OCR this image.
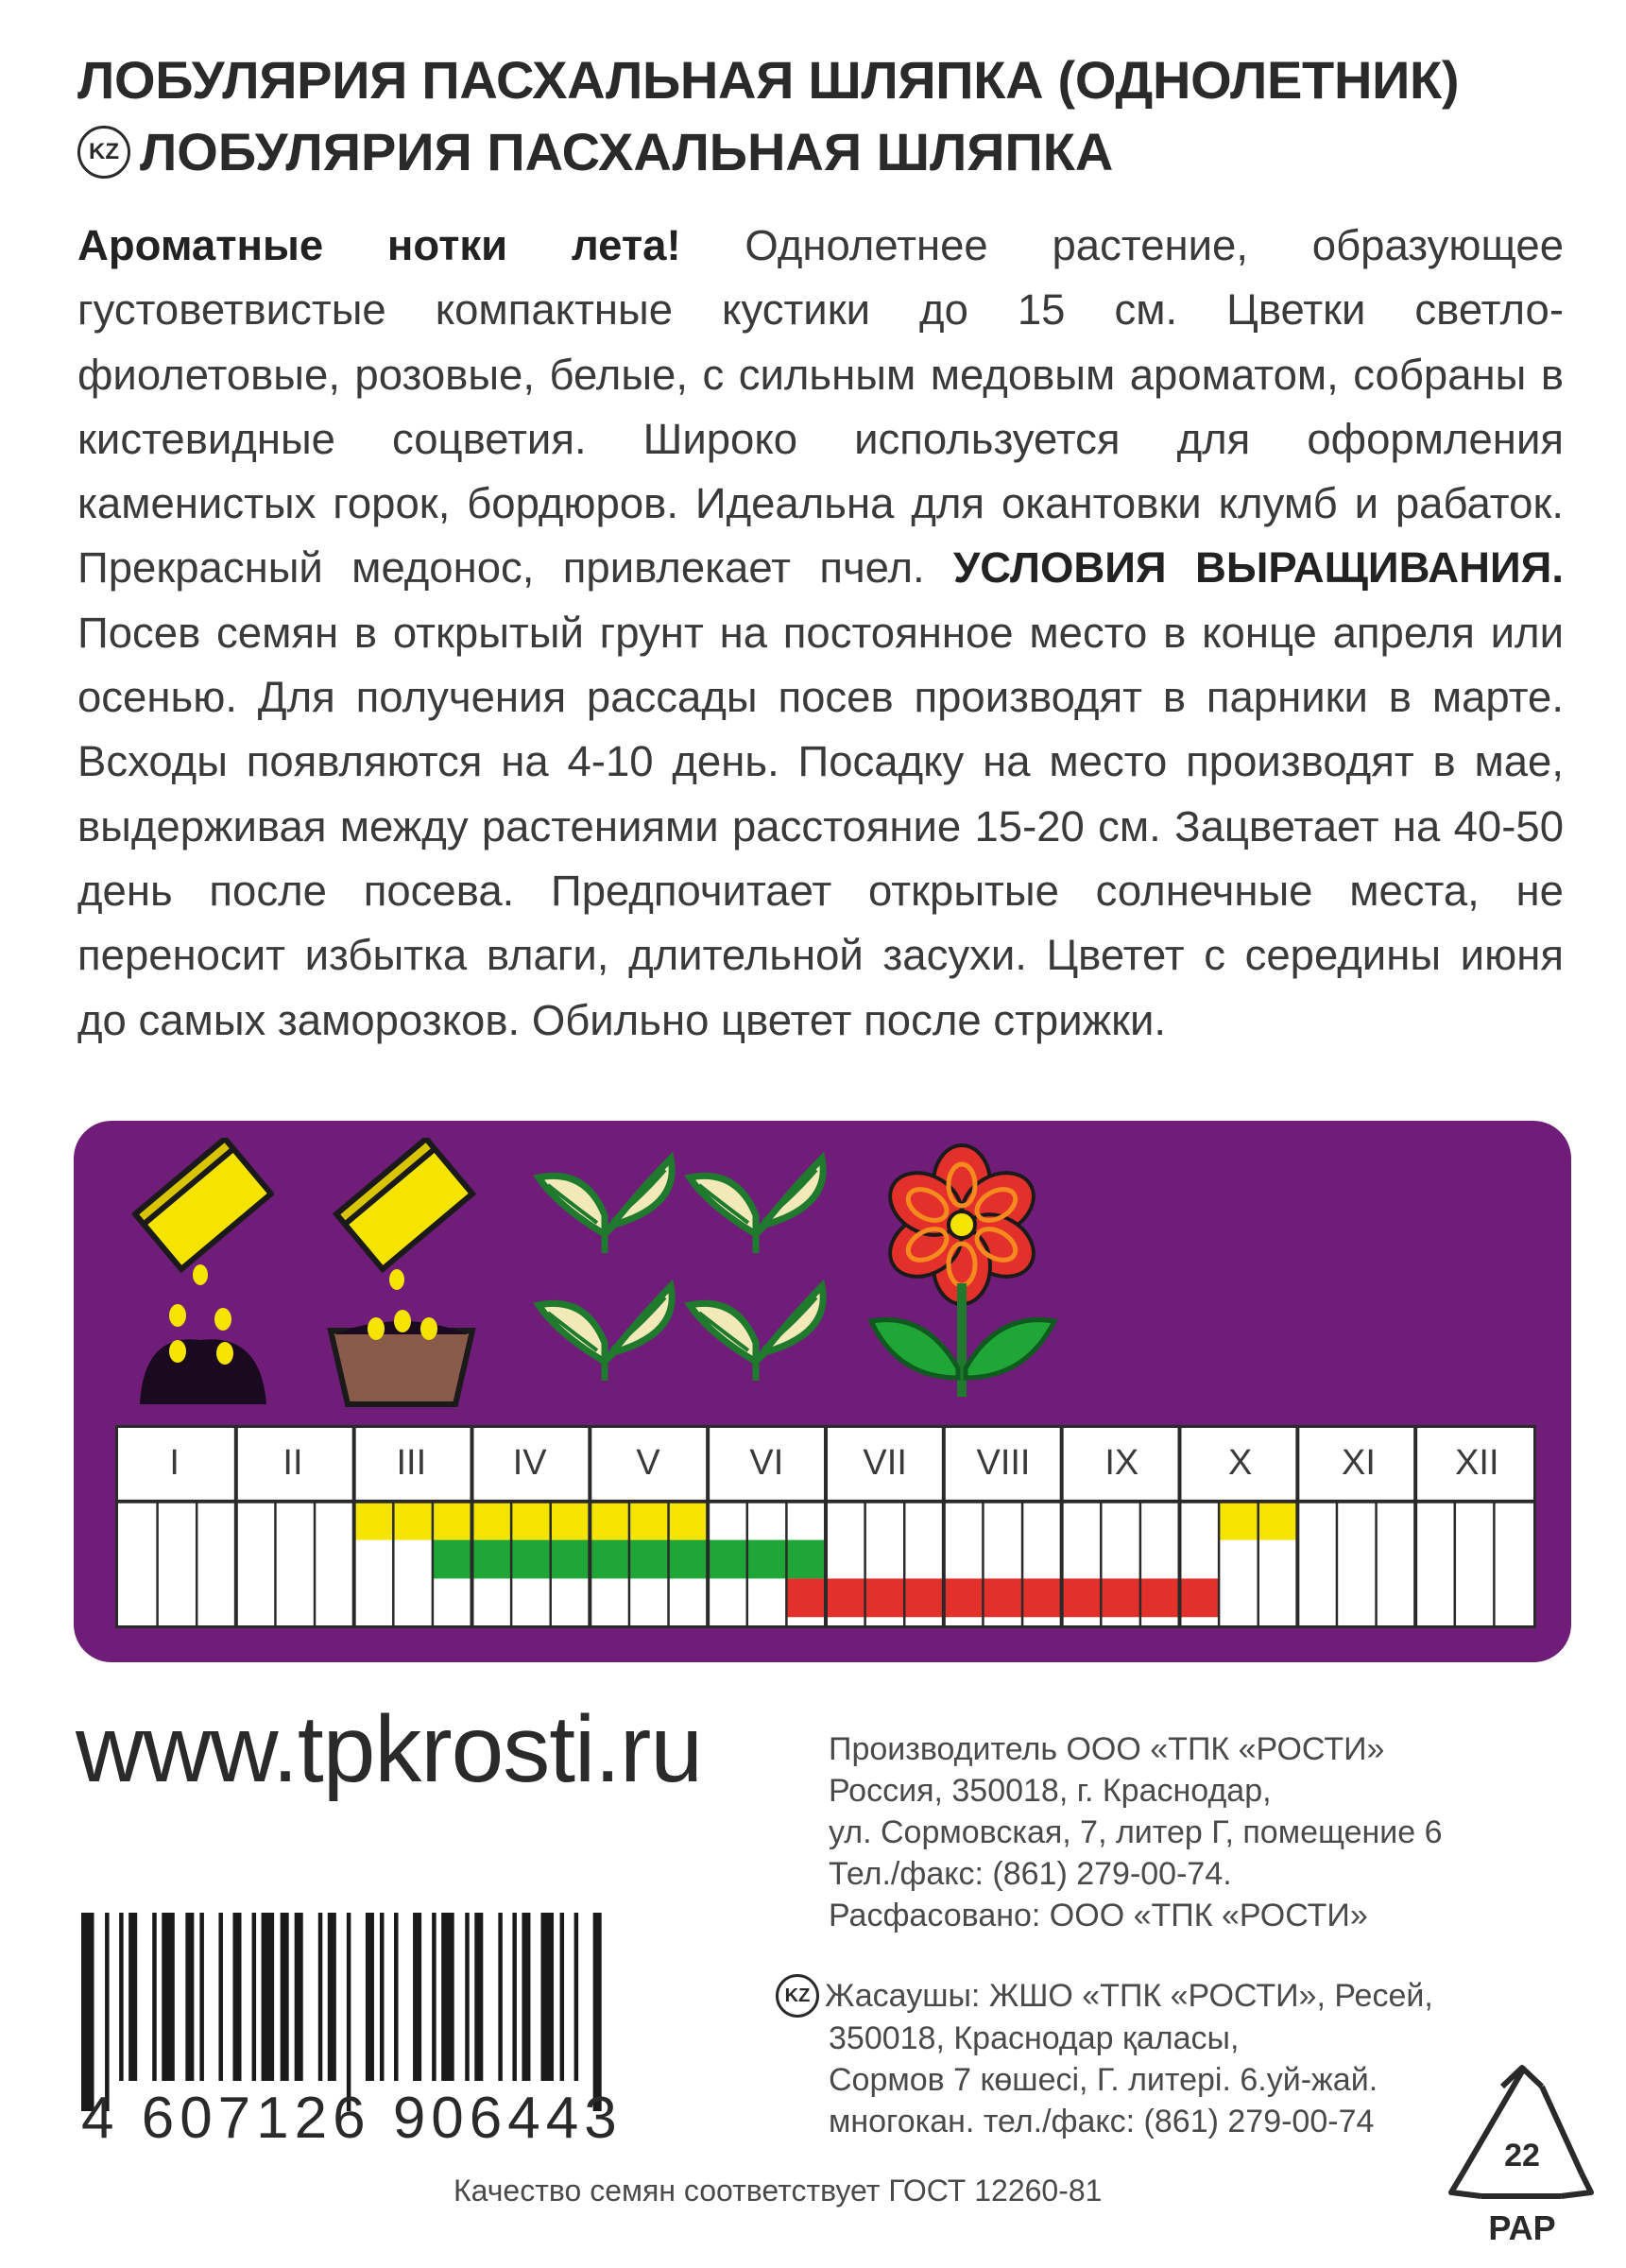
ЛОБУЛЯРИЯ ПАСХАЛЬНАЯ ШЛЯПКА (ОДНОЛЕТНИК)
KZ ЛОБУЛЯРИЯ ПАСХАЛЬНАЯ ШЛЯПКА
Ароматные нотки лета! Однолетнее растение, образующее густоветвистые компактные кустики до 15 см. Цветки светло-фиолетовые, розовые, белые, с сильным медовым ароматом, собраны в кистевидные соцветия. Широко используется для оформления каменистых горок, бордюров. Идеальна для окантовки клумб и рабаток. Прекрасный медонос, привлекает пчел. УСЛОВИЯ ВЫРАЩИВАНИЯ. Посев семян в открытый грунт на постоянное место в конце апреля или осенью. Для получения рассады посев производят в парники в марте. Всходы появляются на 4-10 день. Посадку на место производят в мае, выдерживая между растениями расстояние 15-20 см. Зацветает на 40-50 день после посева. Предпочитает открытые солнечные места, не переносит избытка влаги, длительной засухи. Цветет с середины июня до самых заморозков. Обильно цветет после стрижки.
I	II	III	IV	V	VI	VII	VIII	IX	X	XI	XII
www.tpkrosti.ru	Производитель ООО «ТПК «РОСТИ»
Россия, 350018, г. Краснодар,
ул. Сормовская, 7, литер Г, помещение 6
Тел./факс: (861) 279-00-74.
Расфасовано: ООО «ТПК «РОСТИ»
KZ Жасаушы: ЖШО «ТПК «РОСТИ», Ресей,
350018, Краснодар қаласы,
Сормов 7 көшесі, Г. литері. 6.уй-жай.
многокан. тел./факс: (861) 279-00-74
4 607126 906443
Качество семян соответствует ГОСТ 12260-81
22
PAP
